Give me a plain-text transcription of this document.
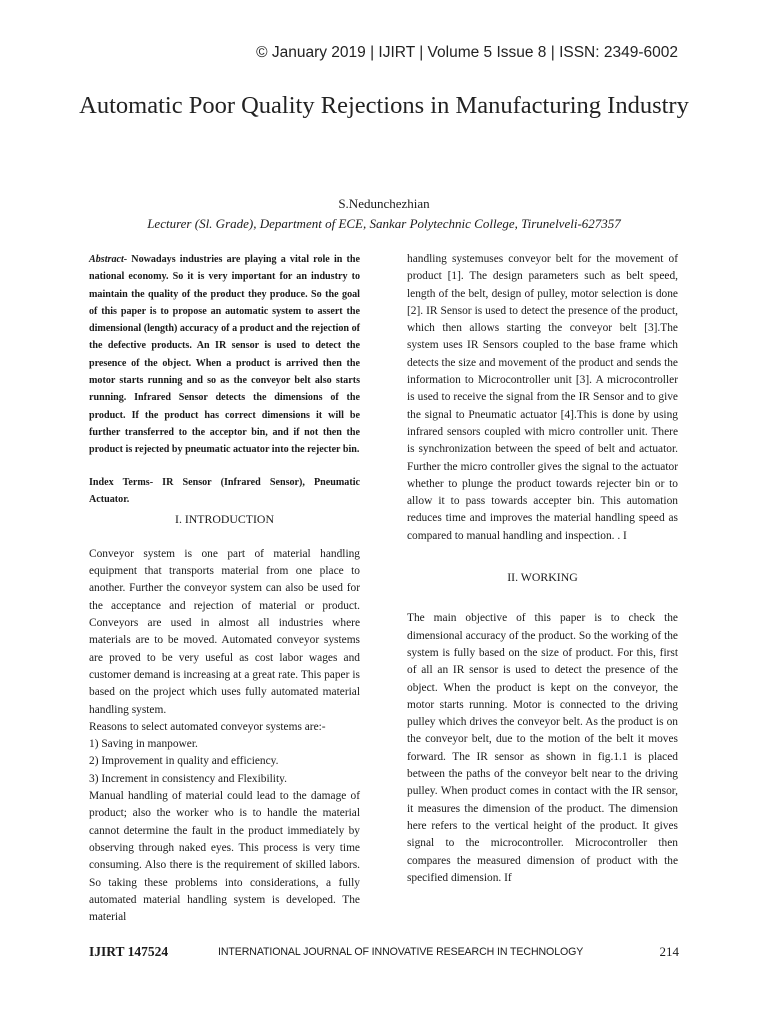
© January 2019 | IJIRT | Volume 5 Issue 8 | ISSN: 2349-6002
Automatic Poor Quality Rejections in Manufacturing Industry
S.Nedunchezhian
Lecturer (Sl. Grade), Department of ECE, Sankar Polytechnic College, Tirunelveli-627357

Abstract- Nowadays industries are playing a vital role in the national economy. So it is very important for an industry to maintain the quality of the product they produce. So the goal of this paper is to propose an automatic system to assert the dimensional (length) accuracy of a product and the rejection of the defective products. An IR sensor is used to detect the presence of the object. When a product is arrived then the motor starts running and so as the conveyor belt also starts running. Infrared Sensor detects the dimensions of the product. If the product has correct dimensions it will be further transferred to the acceptor bin, and if not then the product is rejected by pneumatic actuator into the rejecter bin.

Index Terms- IR Sensor (Infrared Sensor), Pneumatic Actuator.

I. INTRODUCTION

Conveyor system is one part of material handling equipment that transports material from one place to another. Further the conveyor system can also be used for the acceptance and rejection of material or product. Conveyors are used in almost all industries where materials are to be moved. Automated conveyor systems are proved to be very useful as cost labor wages and customer demand is increasing at a great rate. This paper is based on the project which uses fully automated material handling system.

Reasons to select automated conveyor systems are:-

1) Saving in manpower.

2) Improvement in quality and efficiency.

3) Increment in consistency and Flexibility.

Manual handling of material could lead to the damage of product; also the worker who is to handle the material cannot determine the fault in the product immediately by observing through naked eyes. This process is very time consuming. Also there is the requirement of skilled labors. So taking these problems into considerations, a fully automated material handling system is developed. The material

handling systemuses conveyor belt for the movement of product [1]. The design parameters such as belt speed, length of the belt, design of pulley, motor selection is done [2]. IR Sensor is used to detect the presence of the product, which then allows starting the conveyor belt [3].The system uses IR Sensors coupled to the base frame which detects the size and movement of the product and sends the information to Microcontroller unit [3]. A microcontroller is used to receive the signal from the IR Sensor and to give the signal to Pneumatic actuator [4].This is done by using infrared sensors coupled with micro controller unit. There is synchronization between the speed of belt and actuator. Further the micro controller gives the signal to the actuator whether to plunge the product towards rejecter bin or to allow it to pass towards accepter bin. This automation reduces time and improves the material handling speed as compared to manual handling and inspection. . I

II. WORKING

The main objective of this paper is to check the dimensional accuracy of the product. So the working of the system is fully based on the size of product. For this, first of all an IR sensor is used to detect the presence of the object. When the product is kept on the conveyor, the motor starts running. Motor is connected to the driving pulley which drives the conveyor belt. As the product is on the conveyor belt, due to the motion of the belt it moves forward. The IR sensor as shown in fig.1.1 is placed between the paths of the conveyor belt near to the driving pulley. When product comes in contact with the IR sensor, it measures the dimension of the product. The dimension here refers to the vertical height of the product. It gives signal to the microcontroller. Microcontroller then compares the measured dimension of product with the specified dimension. If

IJIRT 147524	INTERNATIONAL JOURNAL OF INNOVATIVE RESEARCH IN TECHNOLOGY	214
